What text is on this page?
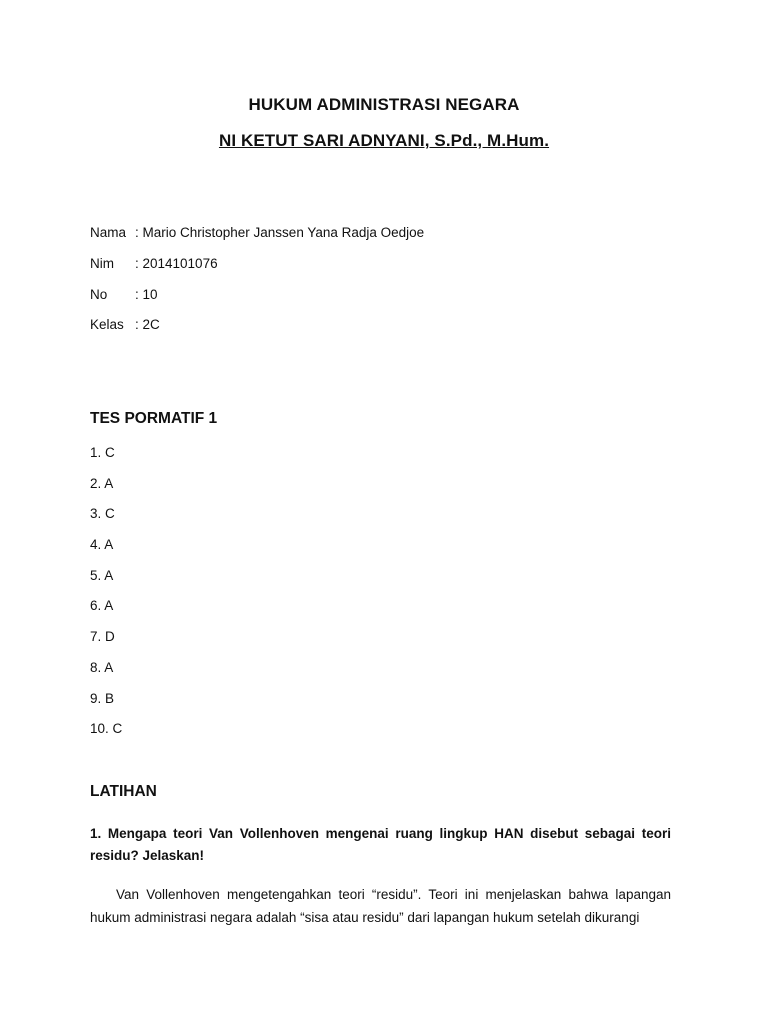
HUKUM ADMINISTRASI NEGARA
NI KETUT SARI ADNYANI, S.Pd., M.Hum.
Nama : Mario Christopher Janssen Yana Radja Oedjoe
Nim : 2014101076
No : 10
Kelas : 2C
TES PORMATIF 1
1. C
2. A
3. C
4. A
5. A
6. A
7. D
8. A
9. B
10. C
LATIHAN
1. Mengapa teori Van Vollenhoven mengenai ruang lingkup HAN disebut sebagai teori residu? Jelaskan!
Van Vollenhoven mengetengahkan teori “residu”. Teori ini menjelaskan bahwa lapangan hukum administrasi negara adalah “sisa atau residu” dari lapangan hukum setelah dikurangi
